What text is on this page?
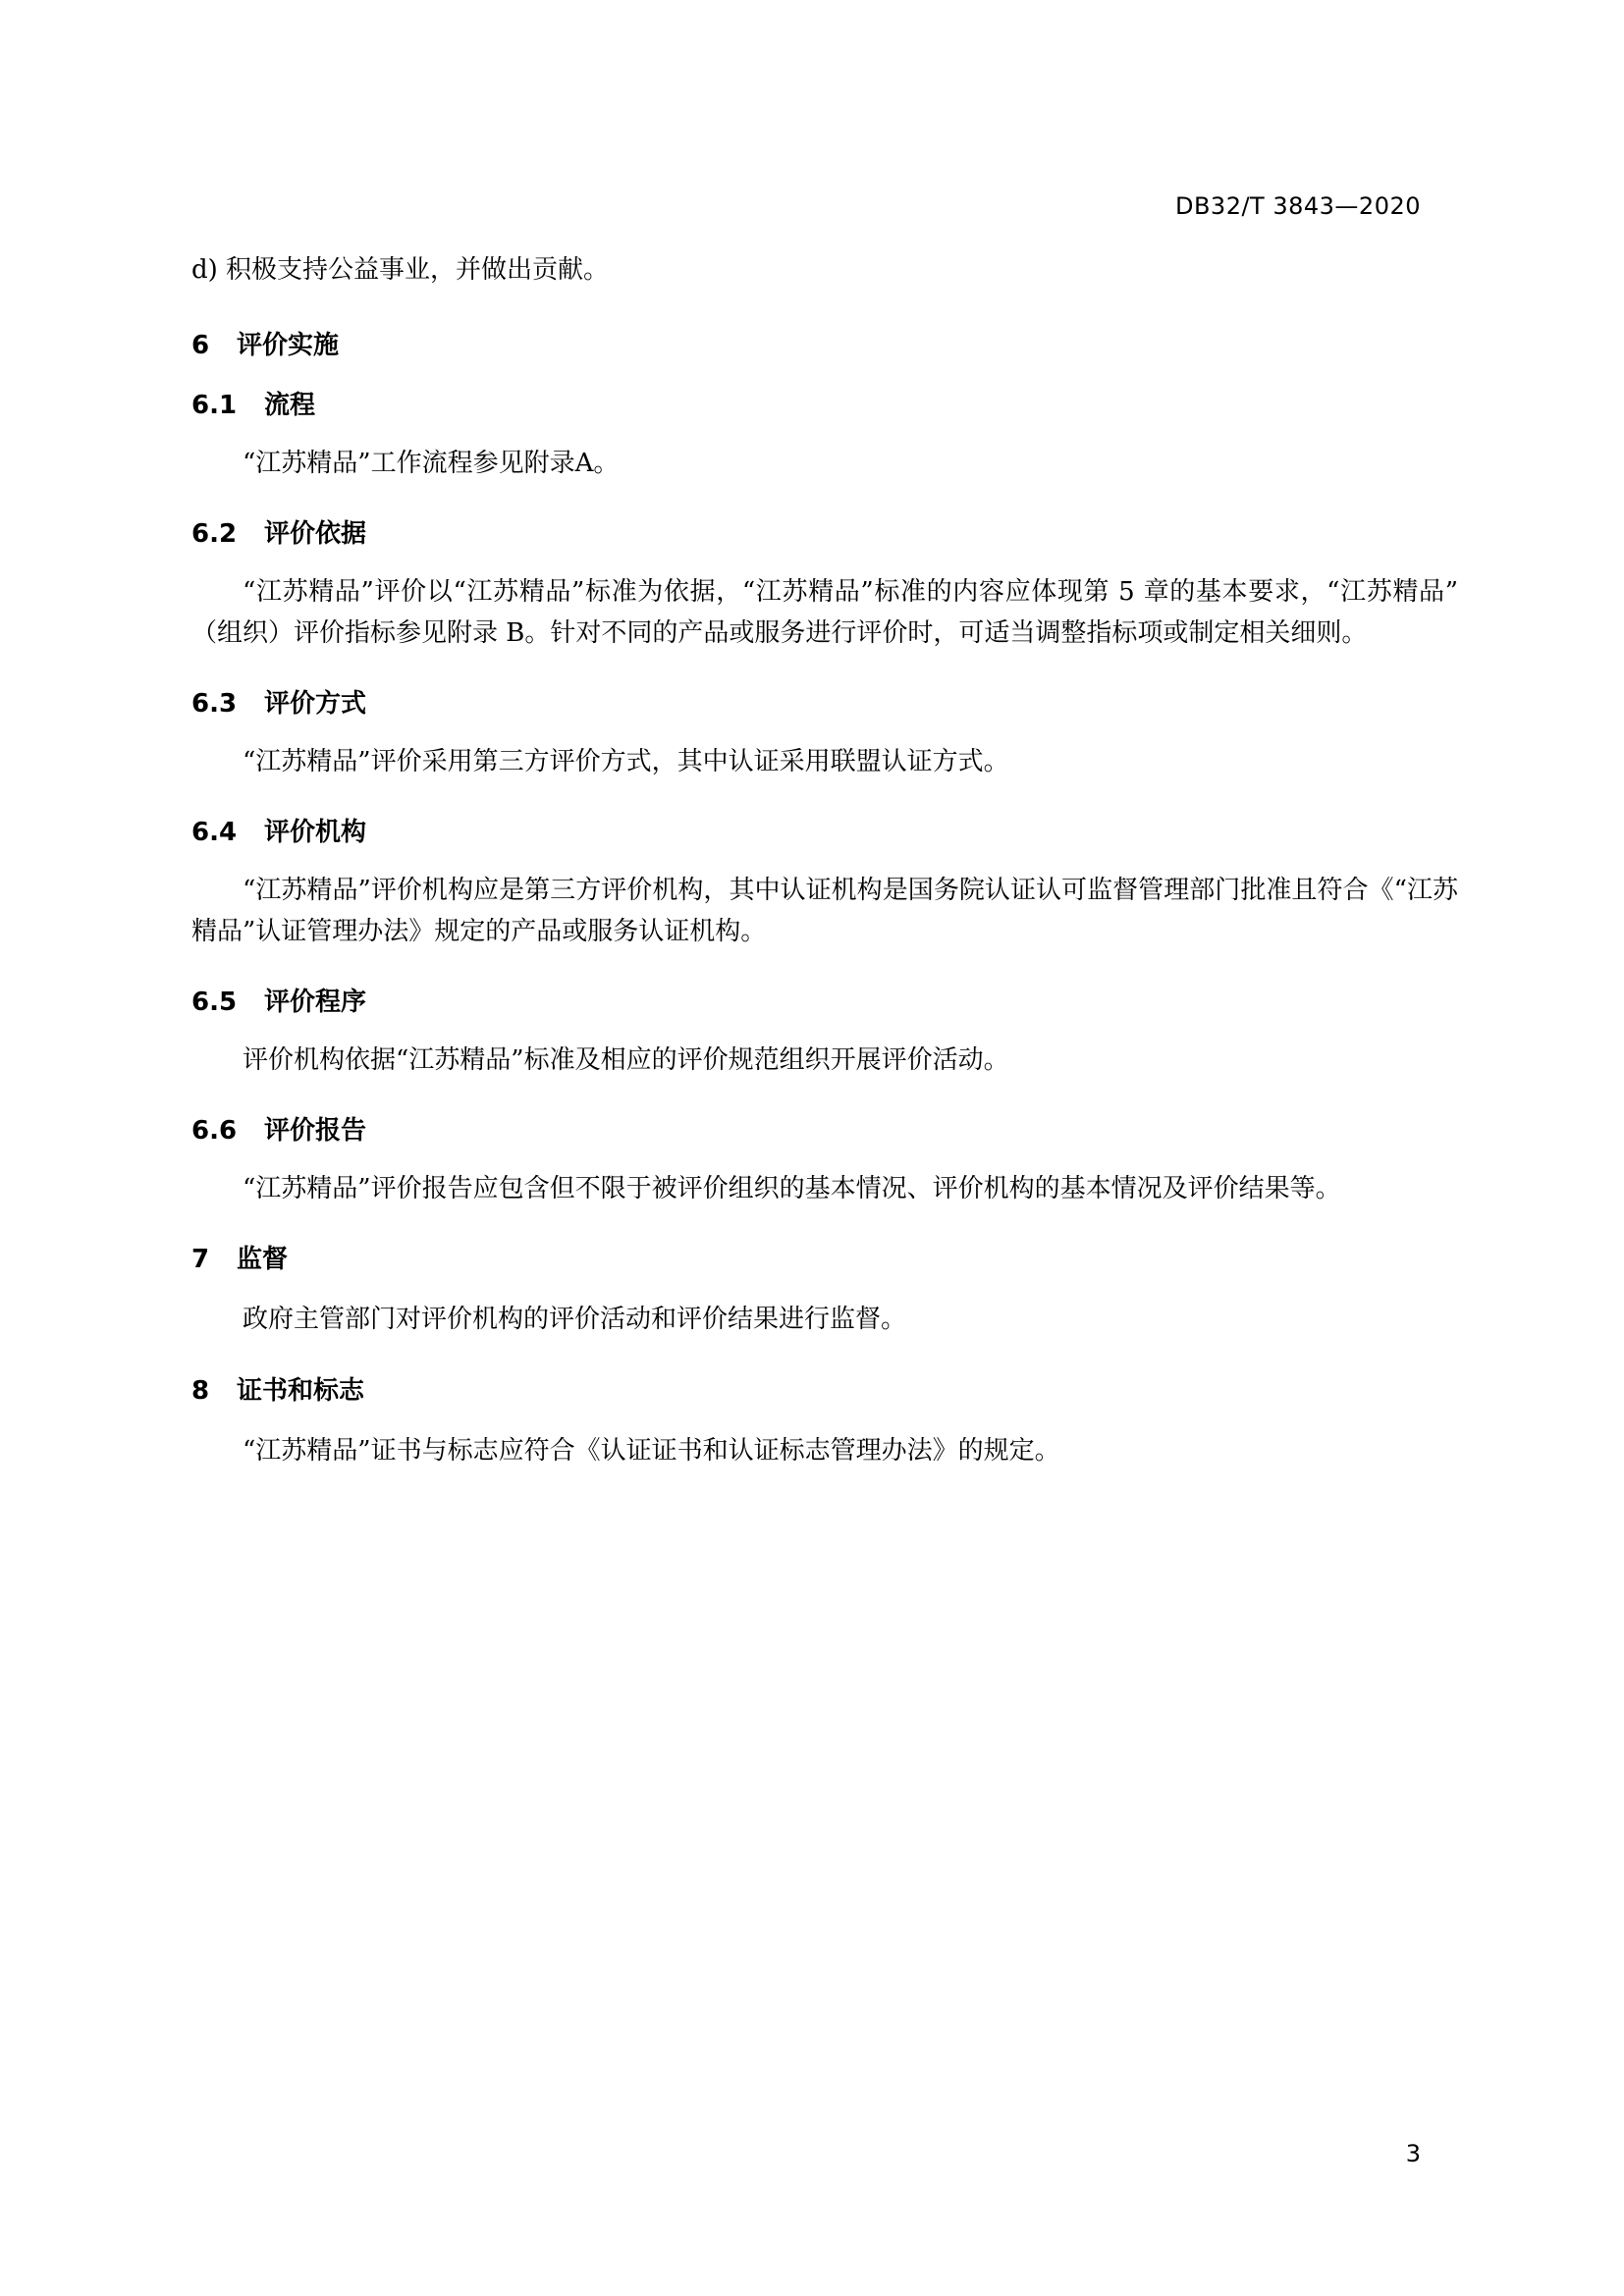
DB32/T 3843—2020

d) 积极支持公益事业，并做出贡献。

6 评价实施
6.1 流程

“江苏精品”工作流程参见附录A。

6.2 评价依据

“江苏精品”评价以“江苏精品”标准为依据，“江苏精品”标准的内容应体现第 5 章的基本要求，“江苏精品”（组织）评价指标参见附录 B。针对不同的产品或服务进行评价时，可适当调整指标项或制定相关细则。

6.3 评价方式

“江苏精品”评价采用第三方评价方式，其中认证采用联盟认证方式。

6.4 评价机构

“江苏精品”评价机构应是第三方评价机构，其中认证机构是国务院认证认可监督管理部门批准且符合《“江苏精品”认证管理办法》规定的产品或服务认证机构。

6.5 评价程序

评价机构依据“江苏精品”标准及相应的评价规范组织开展评价活动。

6.6 评价报告

“江苏精品”评价报告应包含但不限于被评价组织的基本情况、评价机构的基本情况及评价结果等。

7 监督

政府主管部门对评价机构的评价活动和评价结果进行监督。

8 证书和标志

“江苏精品”证书与标志应符合《认证证书和认证标志管理办法》的规定。

3
